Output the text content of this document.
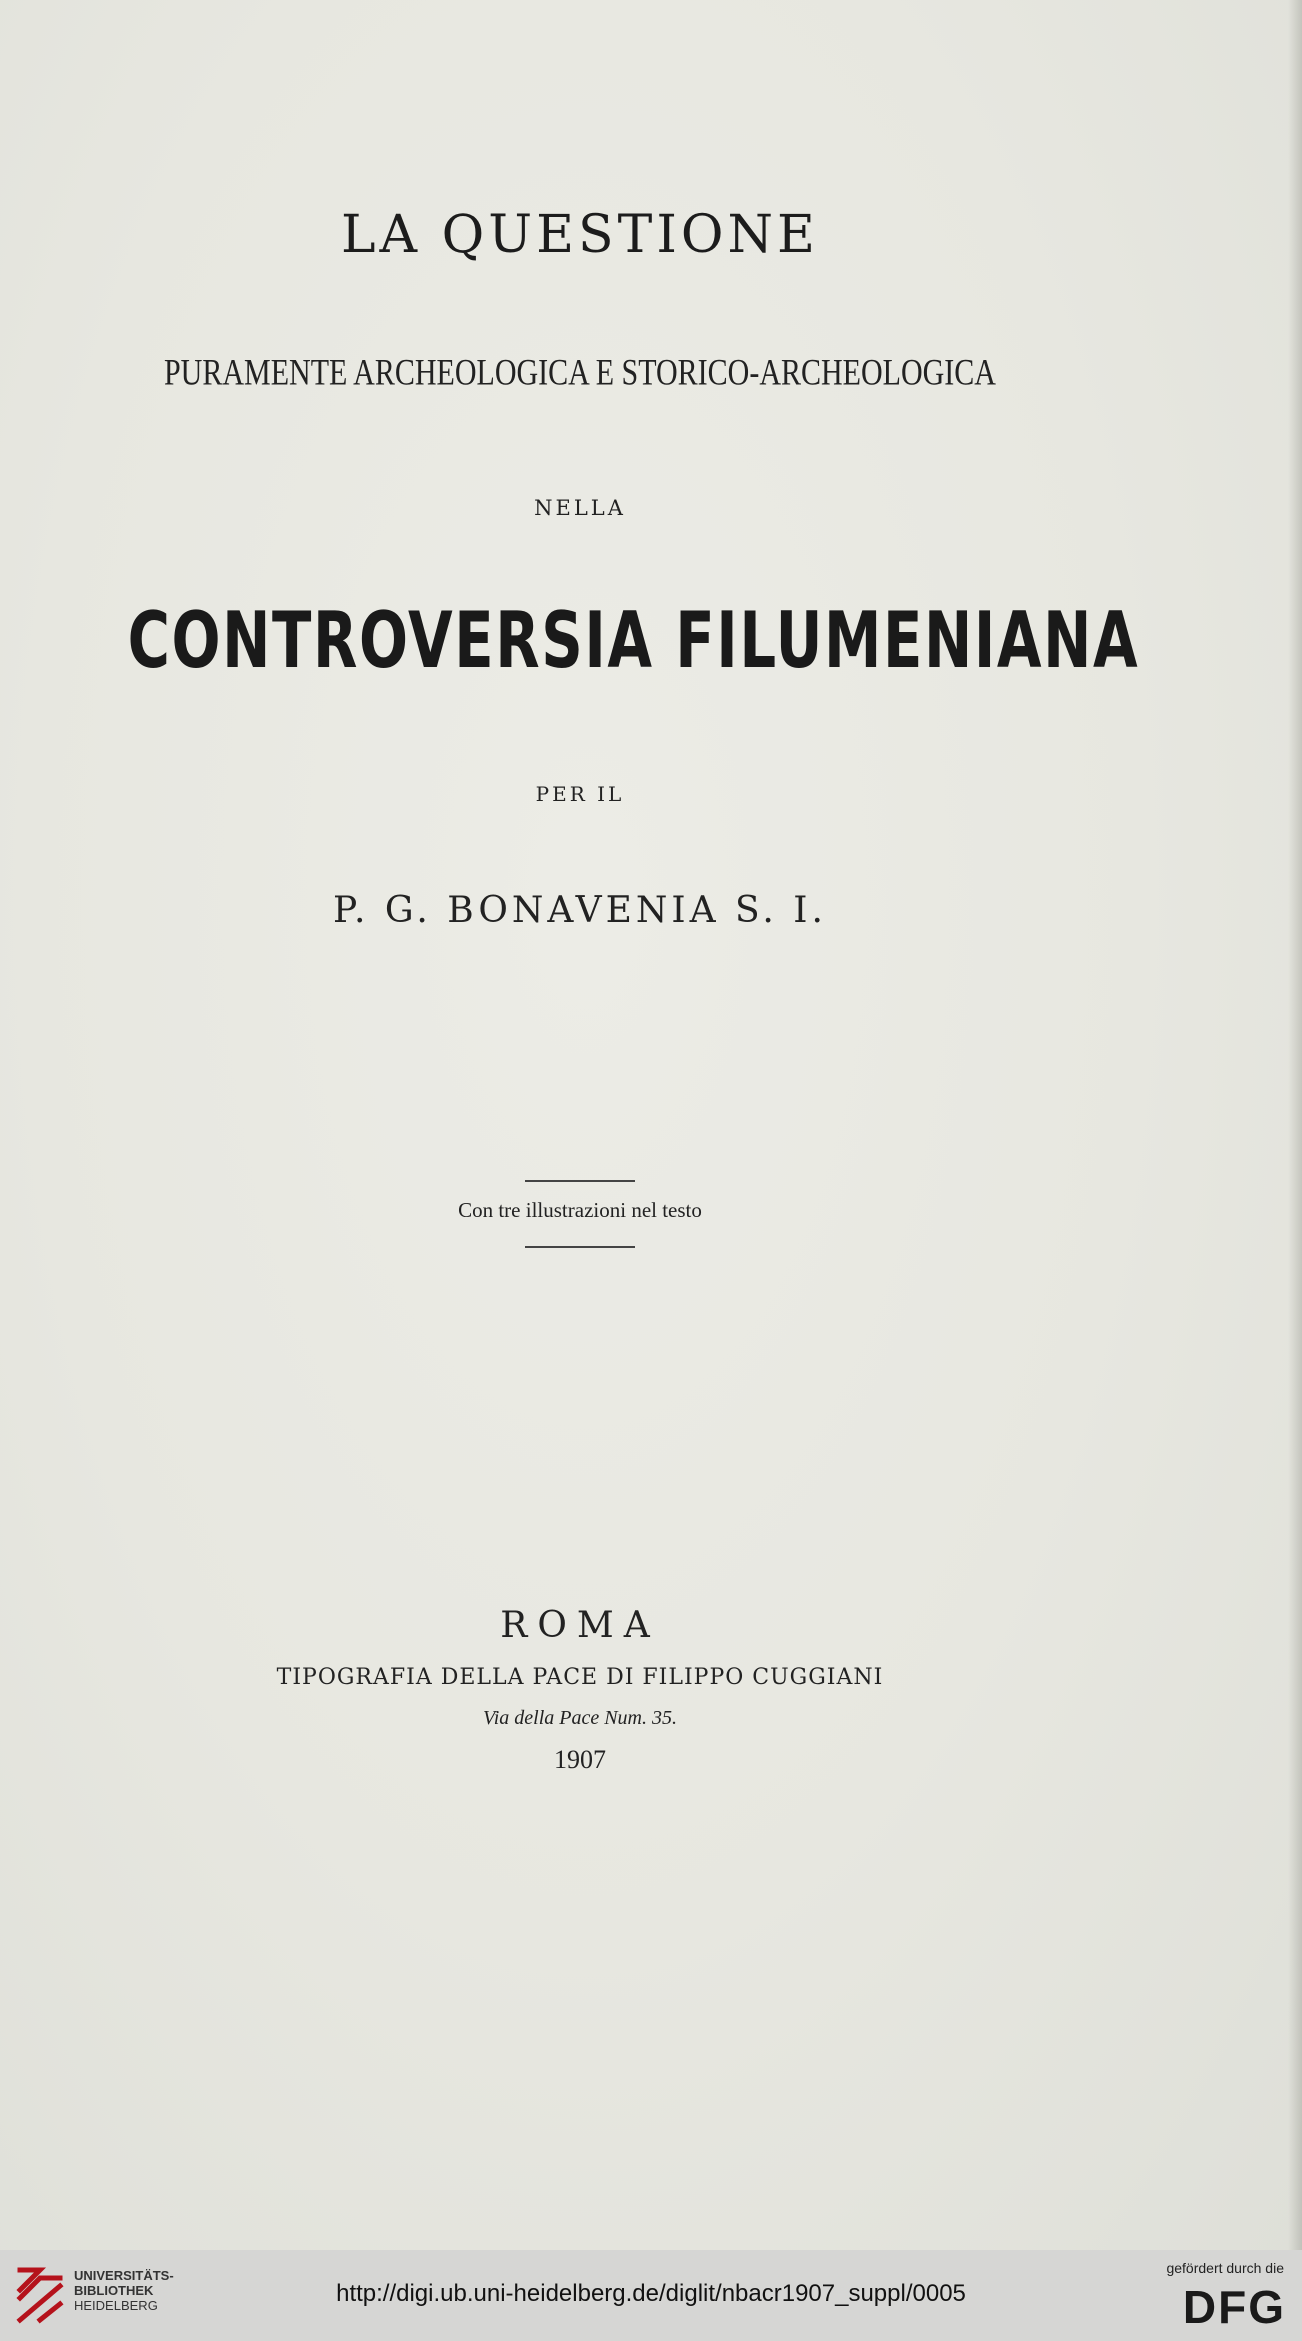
LA QUESTIONE
PURAMENTE ARCHEOLOGICA E STORICO-ARCHEOLOGICA
NELLA
CONTROVERSIA FILUMENIANA
PER IL
P. G. BONAVENIA S. I.
Con tre illustrazioni nel testo
ROMA
TIPOGRAFIA DELLA PACE DI FILIPPO CUGGIANI
Via della Pace Num. 35.
1907
UNIVERSITÄTS-
BIBLIOTHEK
HEIDELBERG	http://digi.ub.uni-heidelberg.de/diglit/nbacr1907_suppl/0005
gefördert durch die
DFG
